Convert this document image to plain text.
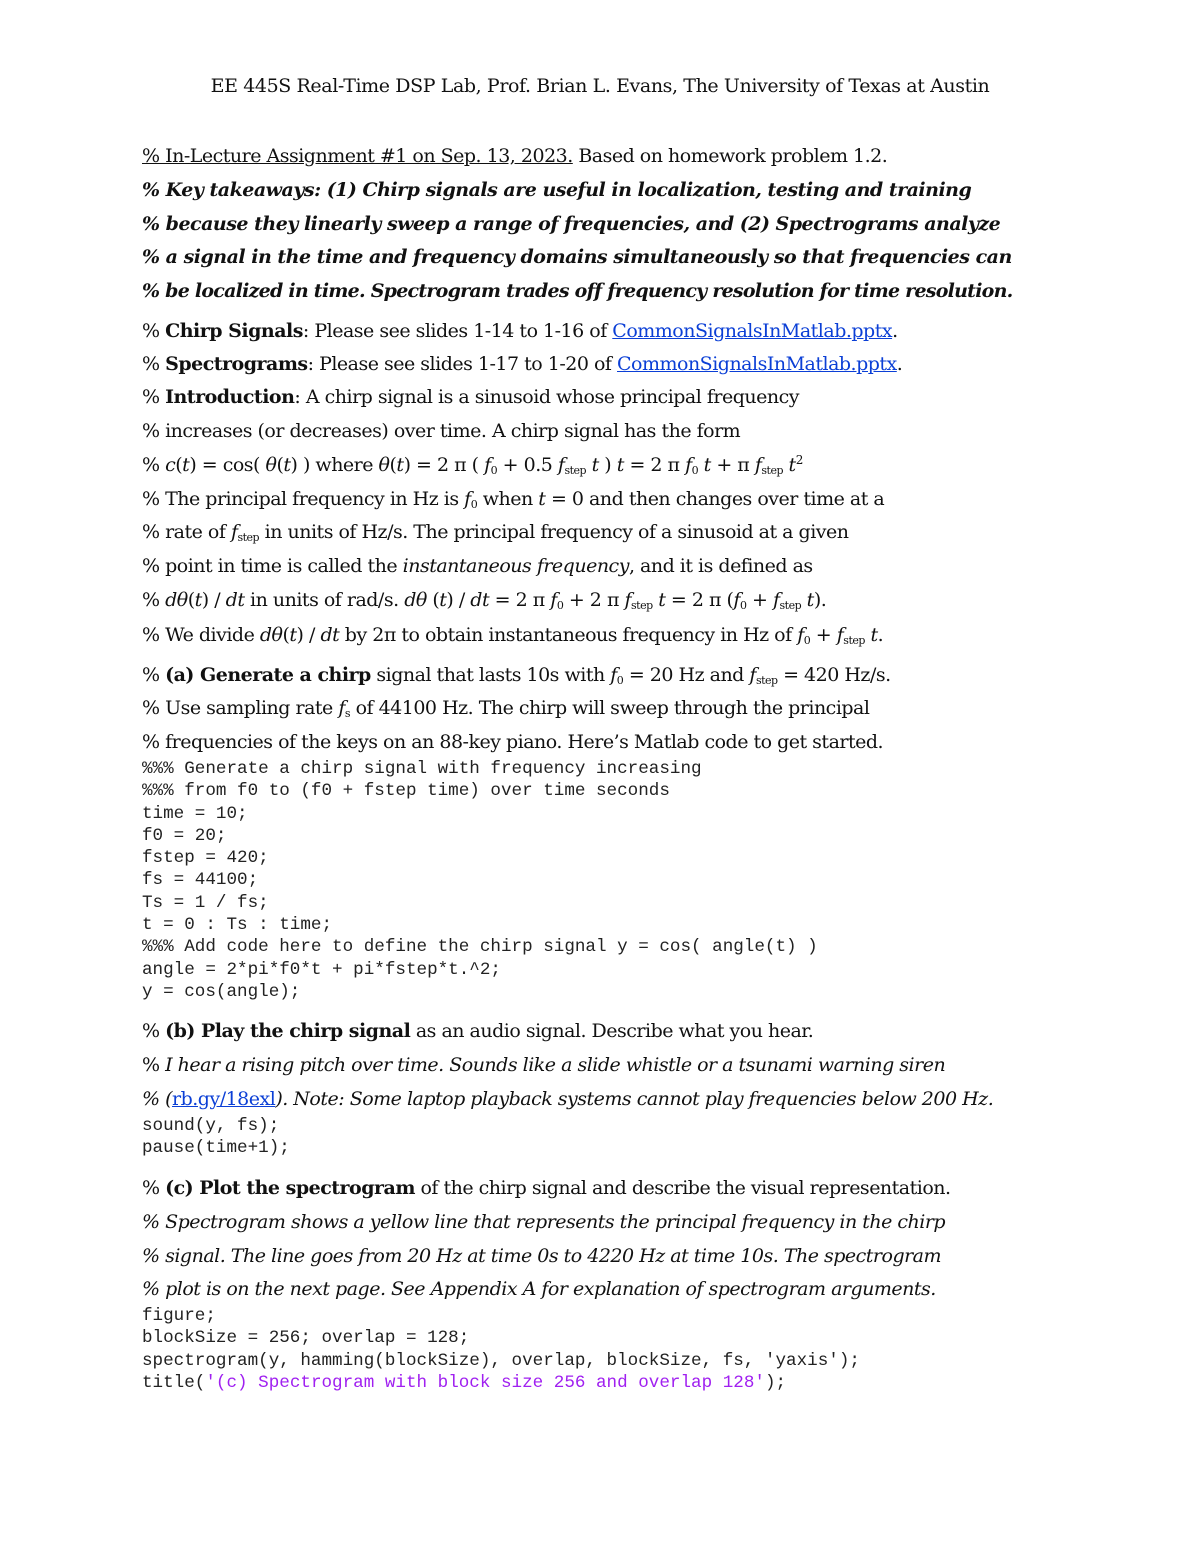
EE 445S Real-Time DSP Lab, Prof. Brian L. Evans, The University of Texas at Austin
% In-Lecture Assignment #1 on Sep. 13, 2023. Based on homework problem 1.2.
% Key takeaways: (1) Chirp signals are useful in localization, testing and training
% because they linearly sweep a range of frequencies, and (2) Spectrograms analyze
% a signal in the time and frequency domains simultaneously so that frequencies can
% be localized in time. Spectrogram trades off frequency resolution for time resolution.
% Chirp Signals: Please see slides 1-14 to 1-16 of CommonSignalsInMatlab.pptx.
% Spectrograms: Please see slides 1-17 to 1-20 of CommonSignalsInMatlab.pptx.
% Introduction: A chirp signal is a sinusoid whose principal frequency
% increases (or decreases) over time. A chirp signal has the form
% c(t) = cos( θ(t) ) where θ(t) = 2 π ( $f_0 + 0.5$ $f_{step}$ t ) t = 2 π $f_0$ t + π $f_{step}$ $t^2$
% The principal frequency in Hz is $f_0$ when t = 0 and then changes over time at a
% rate of $f_{step}$ in units of Hz/s. The principal frequency of a sinusoid at a given
% point in time is called the instantaneous frequency, and it is defined as
% dθ(t) / dt in units of rad/s. dθ (t) / dt = 2 π $f_0 + 2$ π $f_{step}$ t = 2 π ($f_0 + f_{step}$ t).
% We divide dθ(t) / dt by 2π to obtain instantaneous frequency in Hz of $f_0 + f_{step}$ t.
% (a) Generate a chirp signal that lasts 10s with $f_0 = 20$ Hz and $f_{step} = 420$ Hz/s.
% Use sampling rate $f_s$ of 44100 Hz. The chirp will sweep through the principal
% frequencies of the keys on an 88-key piano. Here’s Matlab code to get started.
%%% Generate a chirp signal with frequency increasing
%%% from f0 to (f0 + fstep time) over time seconds
time = 10;
f0 = 20;
fstep = 420;
fs = 44100;
Ts = 1 / fs;
t = 0 : Ts : time;
%%% Add code here to define the chirp signal y = cos( angle(t) )
angle = 2*pi*f0*t + pi*fstep*t.^2;
y = cos(angle);
% (b) Play the chirp signal as an audio signal. Describe what you hear.
% I hear a rising pitch over time. Sounds like a slide whistle or a tsunami warning siren
% (rb.gy/18exl). Note: Some laptop playback systems cannot play frequencies below 200 Hz.
sound(y, fs);
pause(time+1);
% (c) Plot the spectrogram of the chirp signal and describe the visual representation.
% Spectrogram shows a yellow line that represents the principal frequency in the chirp
% signal. The line goes from 20 Hz at time 0s to 4220 Hz at time 10s. The spectrogram
% plot is on the next page. See Appendix A for explanation of spectrogram arguments.
figure;
blockSize = 256; overlap = 128;
spectrogram(y, hamming(blockSize), overlap, blockSize, fs, 'yaxis');
title('(c) Spectrogram with block size 256 and overlap 128');
